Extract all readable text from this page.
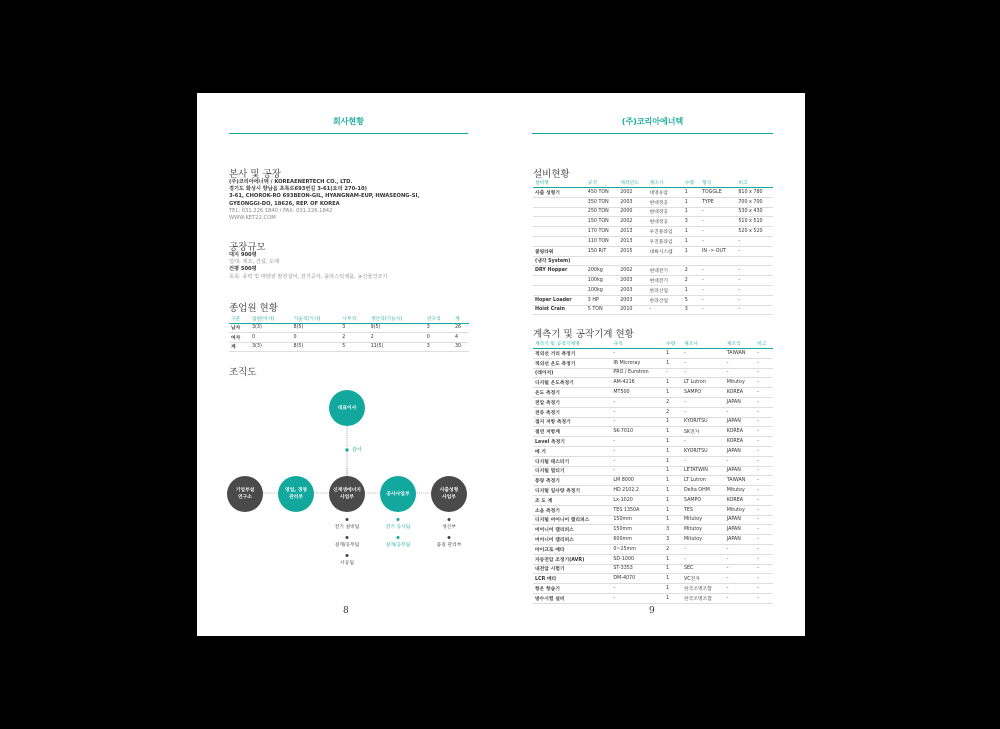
회사현황
본사 및 공장
(주)코리아에너텍 / KOREAENERTECH CO., LTD.
경기도 화성시 향남읍 초록로693번길 3-61(요리 270-10)
3-61, CHOROK-RO 693BEON-GIL, HYANGNAM-EUP, HWASEONG-SI,
GYEONGGI-DO, 18626, REP. OF KOREA
TEL: 031.226.1840 / FAX: 031.226.1842
WWW.KET22.COM
공장규모
대지 900평
업태: 제조, 건설, 도매
건평 500평
종목: 풍력 및 태양광 발전설비, 전기공사, 플라스틱제품, 농산물건조기
종업원 현황
구분	임원(이사)	기술직(기사)	사무직	생산직(기능사)	연구직	계
남자	3(3)	8(5)	3	9(5)	3	26
여자	0	0	2	2	0	4
계	3(3)	8(5)	5	11(5)	3	30
조직도
대표이사
감사
기업부설
연구소
영업, 경영
관리부
신재생에너지
사업부
공사사업부
사출성형
사업부
전기 설비팀
설계/공무팀
시공팀
전기 공사팀
설계/공무팀
생산부
품질 관리부
8
(주)코리아에너텍
설비현황
설비명	규격	제작년도	제조사	수량	형식	비고
사출 성형기	450 TON	2002	대영유압	1	TOGGLE	810 x 780
	350 TON	2003	현대정공	1	TYPE	700 x 700
	250 TON	2000	현대정공	1	-	530 x 430
	150 TON	2002	현대정공	3	-	510 x 510
	170 TON	2013	우진플라임	1	-	520 x 520
	110 TON	2013	우진플라임	1	-	-
쿨링타워	150 R/T	2015	대륙시스템	1	IN -> OUT	-
(냉각 System)						
DRY Hopper	200kg	2002	현대전기	2	-	-
	100kg	2003	현대전기	2	-	-
	100kg	2003	한라산업	1	-	-
Hoper Loader	3 HP	2003	한라산업	5	-	-
Hoist Crain	5 TON	2010	-	3	-	-
계측기 및 공작기계 현황
계측기 및 공작기계명	규격	수량	제조사	제조국	비고
적외선 거리 측정기	-	1	-	TAIWAN	-
적외선 온도 측정기	IR Microray	1	-	-	-
(레이저)	PRO / Eurotron	-	-	-	-
디지털 온도측정기	AM-4216	1	LT Lutron	Mitutoy	-
온도 측정기	MT500	1	SAMPO	KOREA	-
전압 측정기	-	2	-	JAPAN	-
전류 측정기	-	2	-	-	-
접지 저항 측정기	-	1	KYORITSU	JAPAN	-
절연 저항계	SK-7010	1	SK전자	KOREA	-
Level 측정기	-	1	-	KOREA	-
메 거	-	1	KYORITSU	JAPAN	-
디지털 테스터기	-	1	-	-	-
디지털 멀티기	-	1	LETATWIN	JAPAN	-
풍량 측정기	LM 8000	1	LT Lutron	TAIWAN	-
디지털 일사량 측정기	HD 2102.2	1	Delta OHM	Mitutoy	-
조 도 계	Lx-1020	1	SAMPO	KOREA	-
소음 측정기	TES 1350A	1	TES	Mitutoy	-
디지털 버어니어 캘리퍼스	150mm	1	Mitutoy	JAPAN	-
버어니어 캘리퍼스	150mm	3	Mitutoy	JAPAN	-
버어니어 캘리퍼스	600mm	3	Mitutoy	JAPAN	-
마이크로 메타	0~25mm	2	-	-	-
자동전압 조정기(AVR)	SD-1000	1	-	-	-
내전압 시험기	ST-3353	1	SEC	-	-
LCR 메타	DM-4070	1	VC전자	-	-
항온 항습기	-	1	한국조명조합	-	-
방수시험 설비	-	1	한국조명조합	-	-
9
